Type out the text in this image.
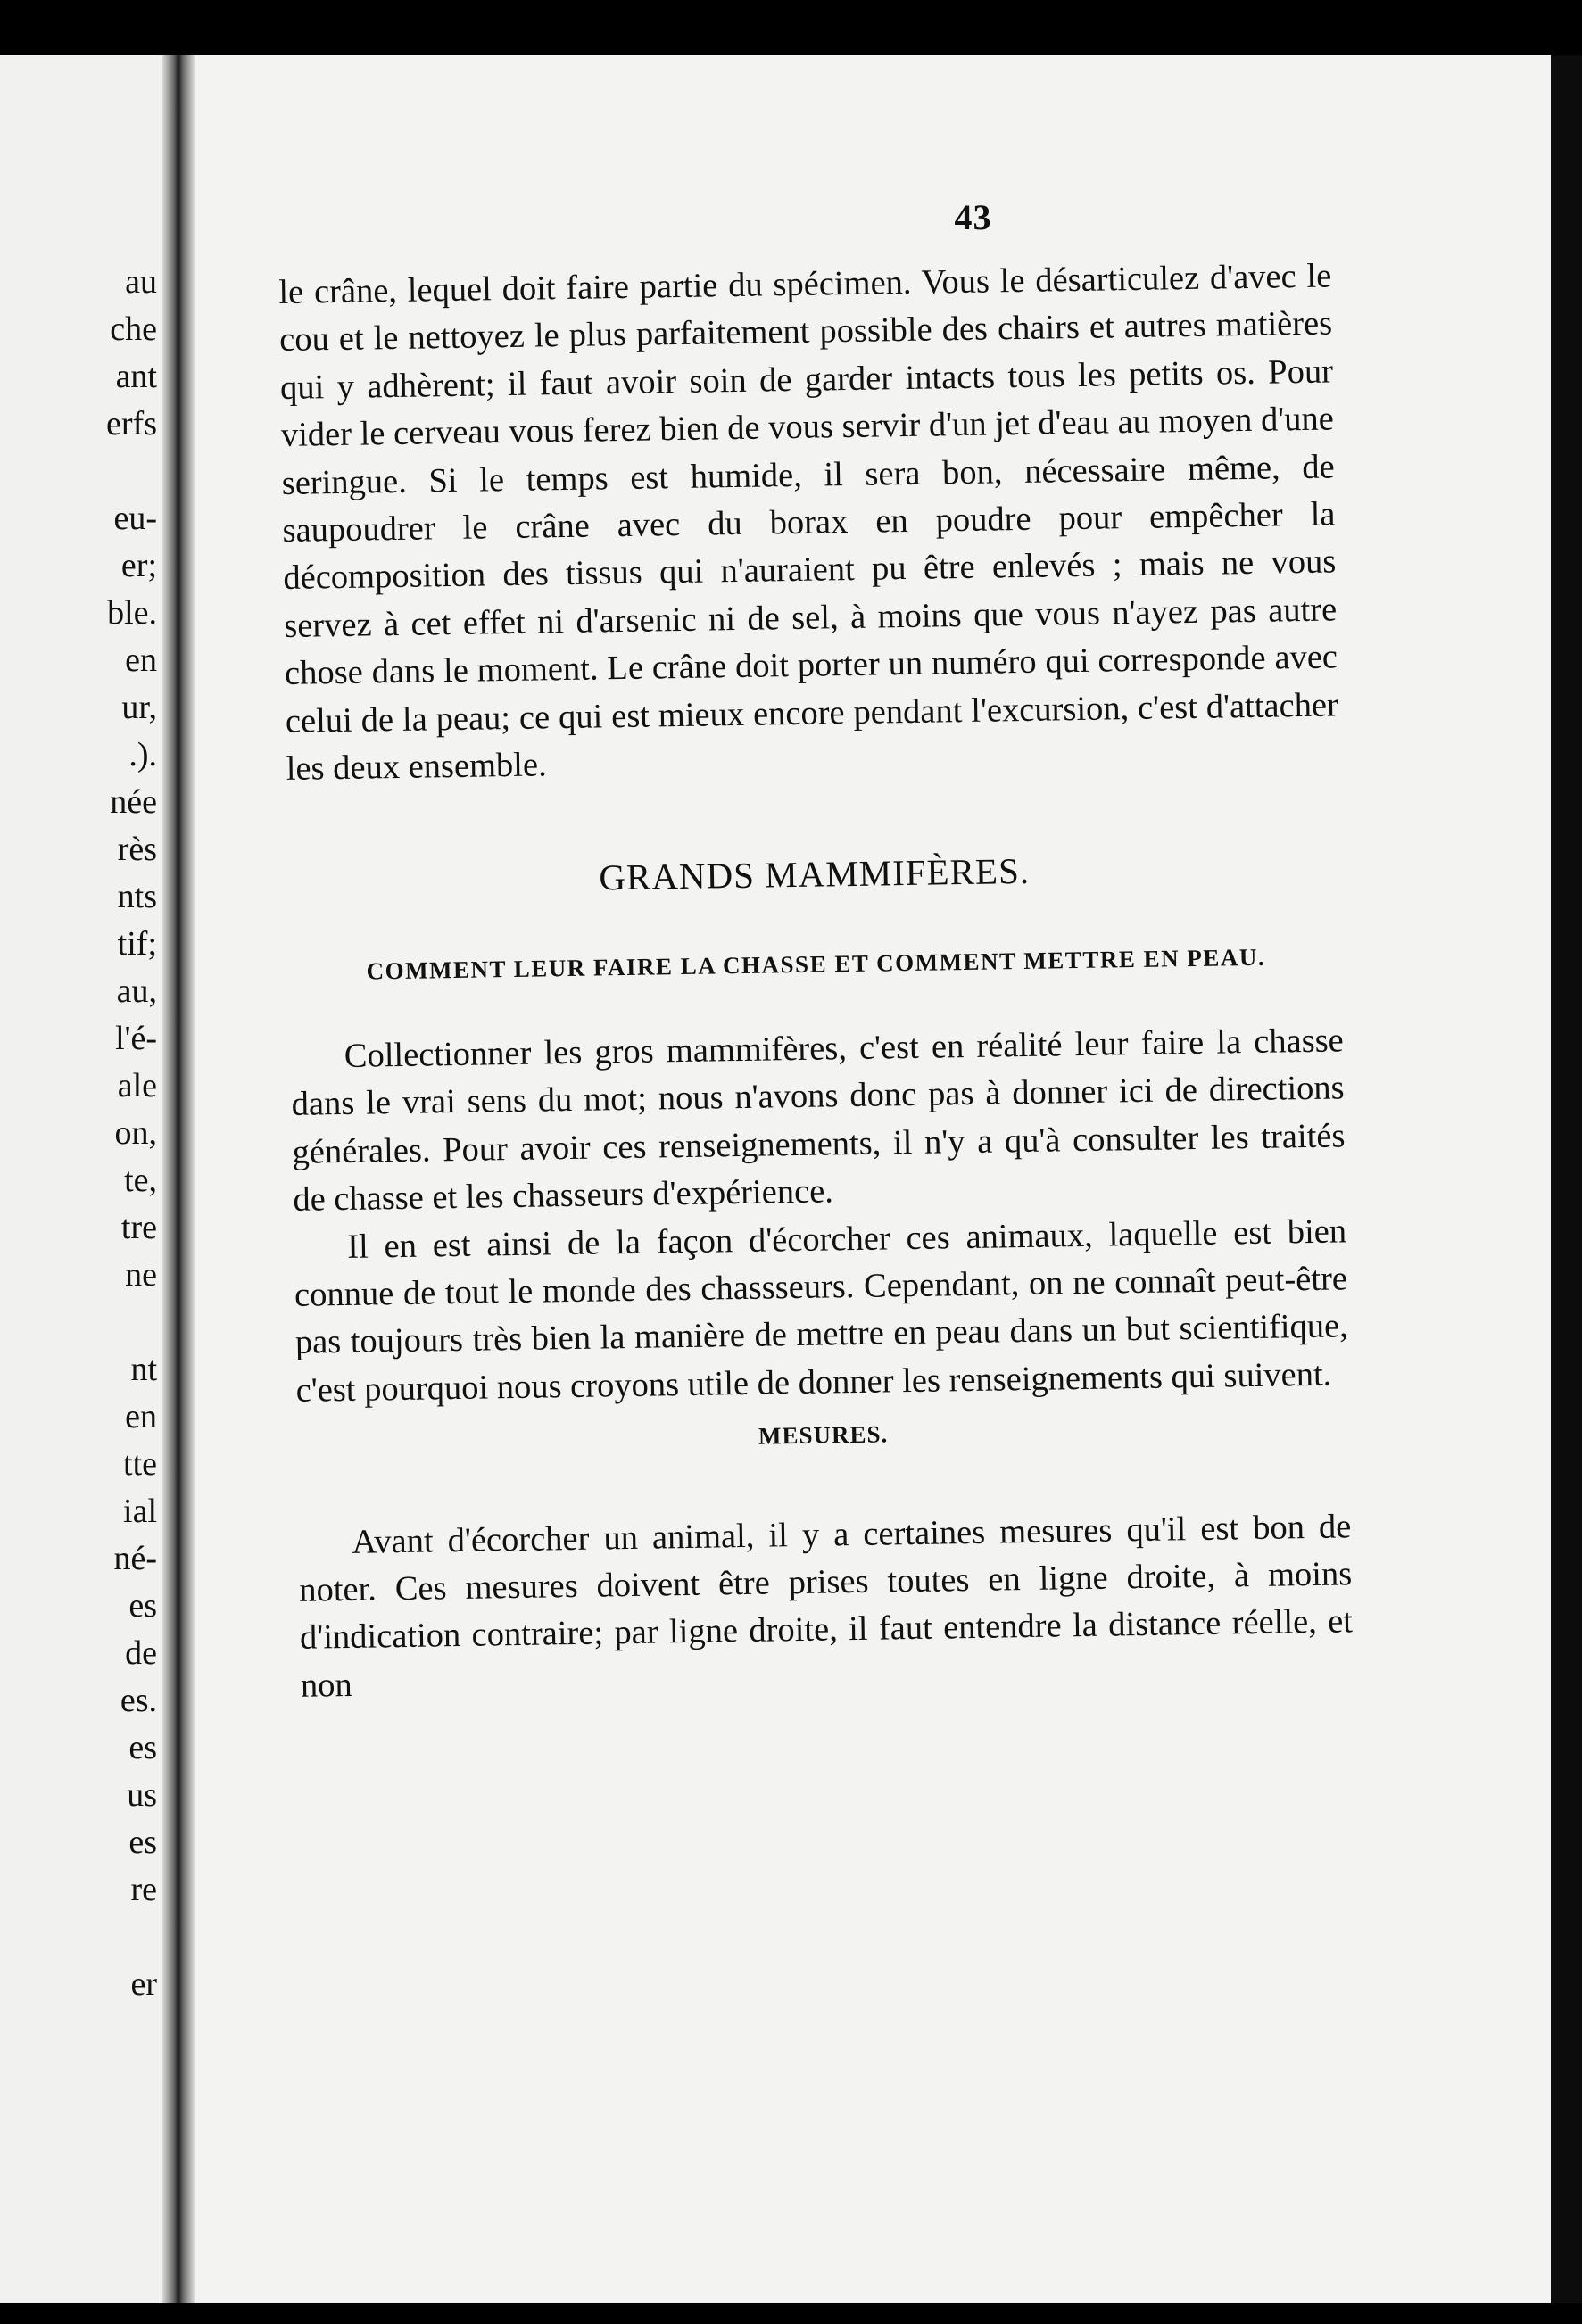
au
che
ant
erfs

eu-
er;
ble.
en
ur,
.).
née
rès
nts
tif;
au,
l'é-
ale
on,
te,
tre
ne

nt
en
tte
ial
né-
es
de
es.
es
us
es
re

er
43

le crâne, lequel doit faire partie du spécimen. Vous le désarticulez d'avec le cou et le nettoyez le plus parfaitement possible des chairs et autres matières qui y adhèrent; il faut avoir soin de garder intacts tous les petits os. Pour vider le cerveau vous ferez bien de vous servir d'un jet d'eau au moyen d'une seringue. Si le temps est humide, il sera bon, nécessaire même, de saupoudrer le crâne avec du borax en poudre pour empêcher la décomposition des tissus qui n'auraient pu être enlevés ; mais ne vous servez à cet effet ni d'arsenic ni de sel, à moins que vous n'ayez pas autre chose dans le moment. Le crâne doit porter un numéro qui corresponde avec celui de la peau; ce qui est mieux encore pendant l'excursion, c'est d'attacher les deux ensemble.

GRANDS MAMMIFÈRES.

COMMENT LEUR FAIRE LA CHASSE ET COMMENT METTRE EN PEAU.

Collectionner les gros mammifères, c'est en réalité leur faire la chasse dans le vrai sens du mot; nous n'avons donc pas à donner ici de directions générales. Pour avoir ces renseignements, il n'y a qu'à consulter les traités de chasse et les chasseurs d'expérience.

Il en est ainsi de la façon d'écorcher ces animaux, laquelle est bien connue de tout le monde des chassseurs. Cependant, on ne connaît peut-être pas toujours très bien la manière de mettre en peau dans un but scientifique, c'est pourquoi nous croyons utile de donner les renseignements qui suivent.

MESURES.

Avant d'écorcher un animal, il y a certaines mesures qu'il est bon de noter. Ces mesures doivent être prises toutes en ligne droite, à moins d'indication contraire; par ligne droite, il faut entendre la distance réelle, et non
